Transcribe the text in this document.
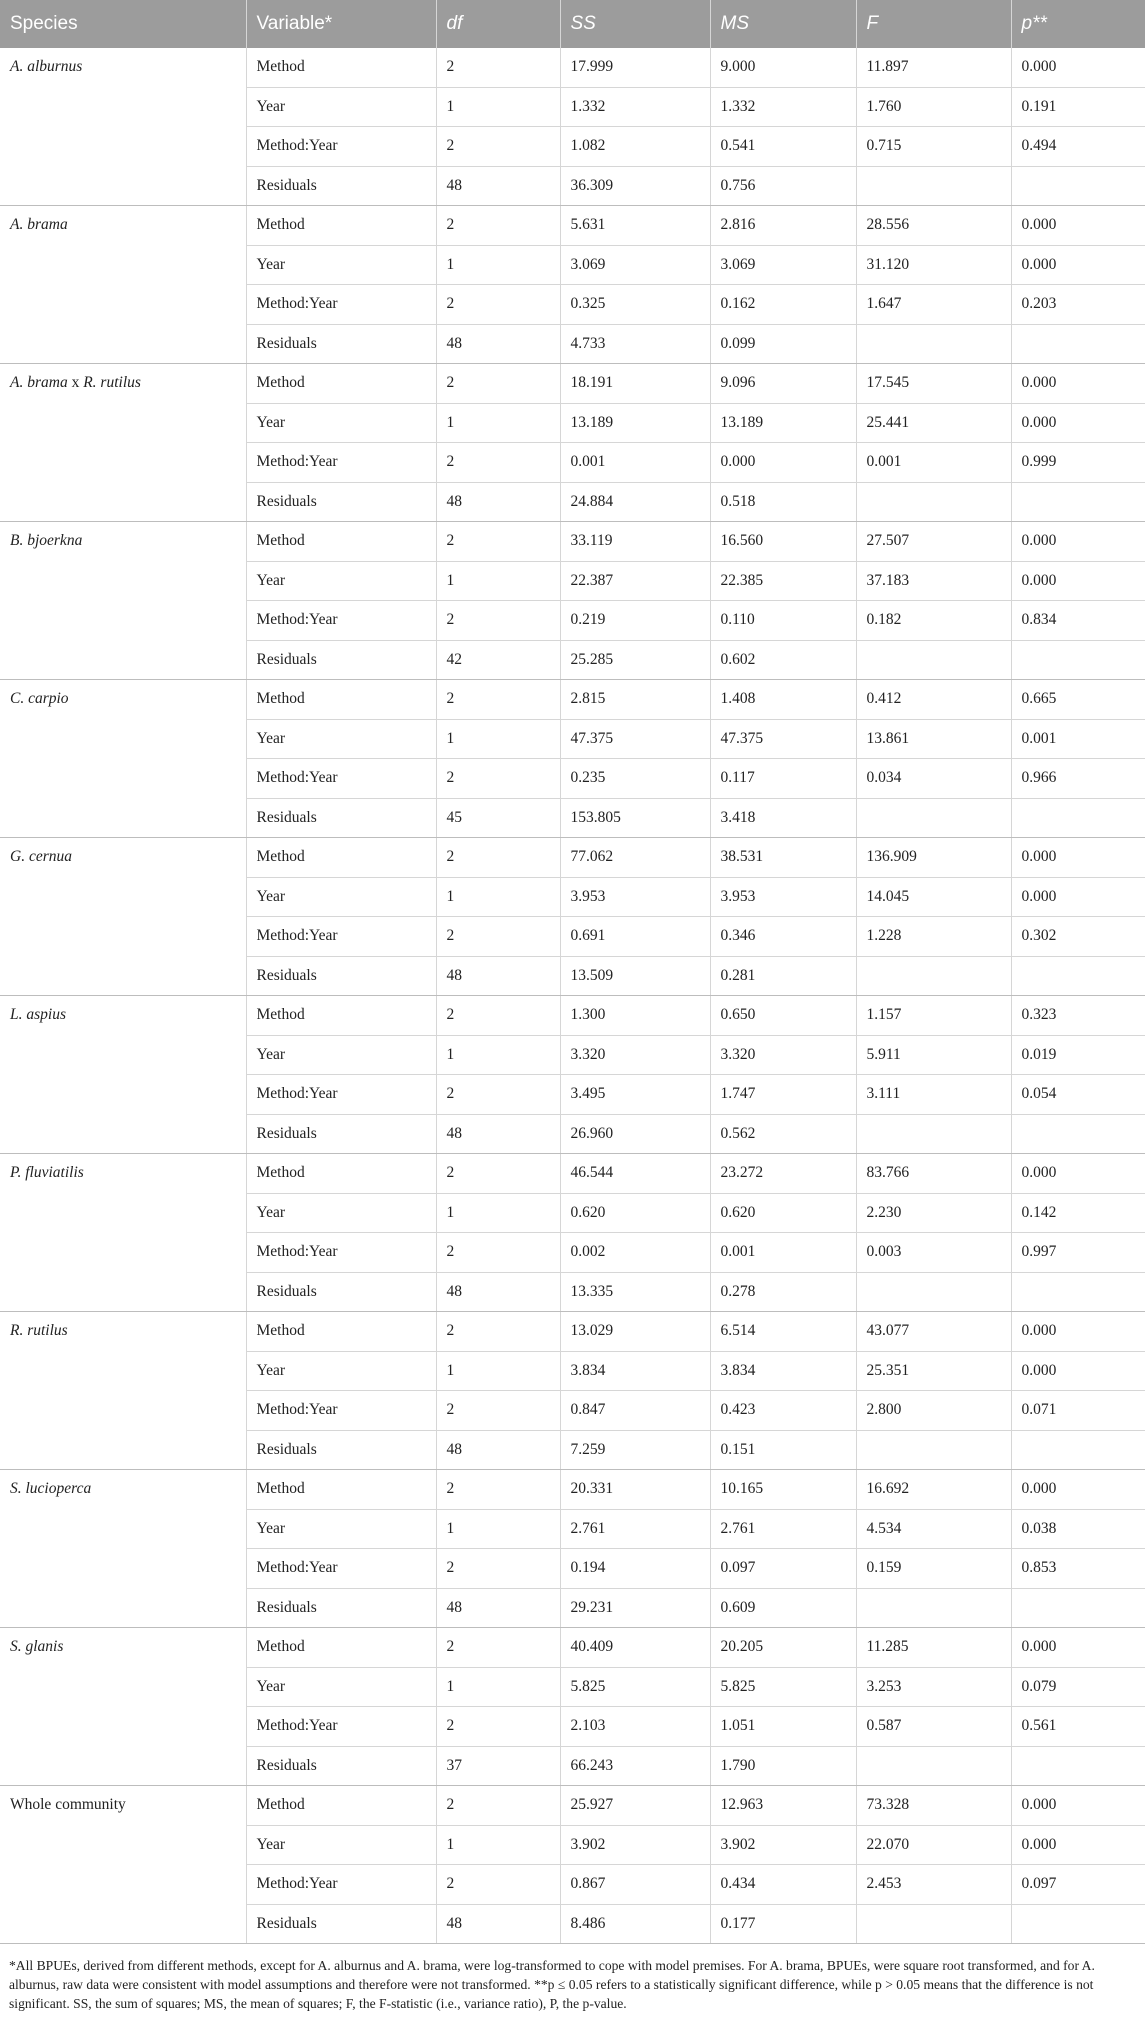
Species	Variable*	df	SS	MS	F	p**
A. alburnus	Method	2	17.999	9.000	11.897	0.000
	Year	1	1.332	1.332	1.760	0.191
	Method:Year	2	1.082	0.541	0.715	0.494
	Residuals	48	36.309	0.756		
A. brama	Method	2	5.631	2.816	28.556	0.000
	Year	1	3.069	3.069	31.120	0.000
	Method:Year	2	0.325	0.162	1.647	0.203
	Residuals	48	4.733	0.099		
A. brama x R. rutilus	Method	2	18.191	9.096	17.545	0.000
	Year	1	13.189	13.189	25.441	0.000
	Method:Year	2	0.001	0.000	0.001	0.999
	Residuals	48	24.884	0.518		
B. bjoerkna	Method	2	33.119	16.560	27.507	0.000
	Year	1	22.387	22.385	37.183	0.000
	Method:Year	2	0.219	0.110	0.182	0.834
	Residuals	42	25.285	0.602		
C. carpio	Method	2	2.815	1.408	0.412	0.665
	Year	1	47.375	47.375	13.861	0.001
	Method:Year	2	0.235	0.117	0.034	0.966
	Residuals	45	153.805	3.418		
G. cernua	Method	2	77.062	38.531	136.909	0.000
	Year	1	3.953	3.953	14.045	0.000
	Method:Year	2	0.691	0.346	1.228	0.302
	Residuals	48	13.509	0.281		
L. aspius	Method	2	1.300	0.650	1.157	0.323
	Year	1	3.320	3.320	5.911	0.019
	Method:Year	2	3.495	1.747	3.111	0.054
	Residuals	48	26.960	0.562		
P. fluviatilis	Method	2	46.544	23.272	83.766	0.000
	Year	1	0.620	0.620	2.230	0.142
	Method:Year	2	0.002	0.001	0.003	0.997
	Residuals	48	13.335	0.278		
R. rutilus	Method	2	13.029	6.514	43.077	0.000
	Year	1	3.834	3.834	25.351	0.000
	Method:Year	2	0.847	0.423	2.800	0.071
	Residuals	48	7.259	0.151		
S. lucioperca	Method	2	20.331	10.165	16.692	0.000
	Year	1	2.761	2.761	4.534	0.038
	Method:Year	2	0.194	0.097	0.159	0.853
	Residuals	48	29.231	0.609		
S. glanis	Method	2	40.409	20.205	11.285	0.000
	Year	1	5.825	5.825	3.253	0.079
	Method:Year	2	2.103	1.051	0.587	0.561
	Residuals	37	66.243	1.790		
Whole community	Method	2	25.927	12.963	73.328	0.000
	Year	1	3.902	3.902	22.070	0.000
	Method:Year	2	0.867	0.434	2.453	0.097
	Residuals	48	8.486	0.177		
*All BPUEs, derived from different methods, except for A. alburnus and A. brama, were log-transformed to cope with model premises. For A. brama, BPUEs, were square root transformed, and for A. alburnus, raw data were consistent with model assumptions and therefore were not transformed. **p ≤ 0.05 refers to a statistically significant difference, while p > 0.05 means that the difference is not significant. SS, the sum of squares; MS, the mean of squares; F, the F-statistic (i.e., variance ratio), P, the p-value.
